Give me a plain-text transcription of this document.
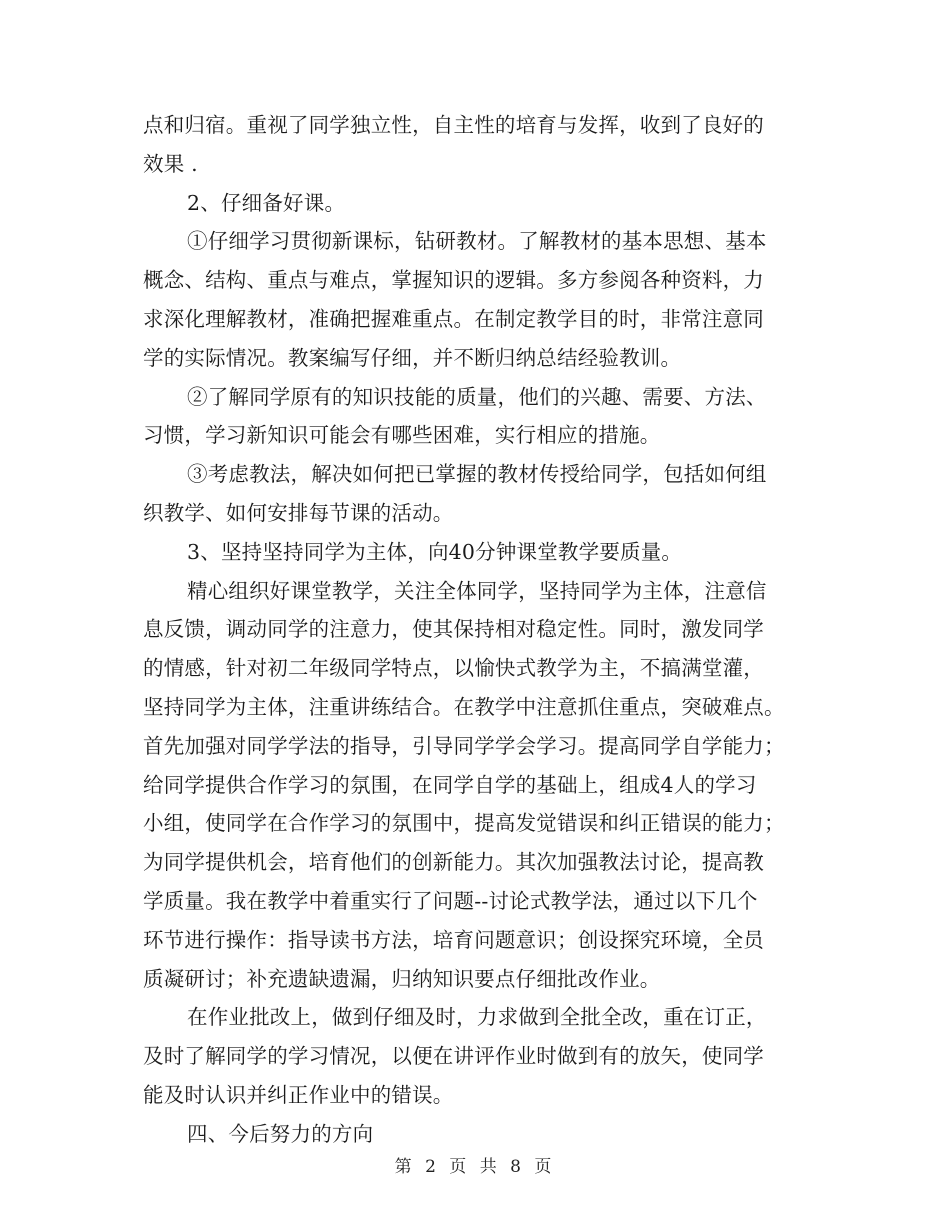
点和归宿。重视了同学独立性，自主性的培育与发挥，收到了良好的
效果 .
2、仔细备好课。
①仔细学习贯彻新课标，钻研教材。了解教材的基本思想、基本
概念、结构、重点与难点，掌握知识的逻辑。多方参阅各种资料，力
求深化理解教材，准确把握难重点。在制定教学目的时，非常注意同
学的实际情况。教案编写仔细，并不断归纳总结经验教训。
②了解同学原有的知识技能的质量，他们的兴趣、需要、方法、
习惯，学习新知识可能会有哪些困难，实行相应的措施。
③考虑教法，解决如何把已掌握的教材传授给同学，包括如何组
织教学、如何安排每节课的活动。
3、坚持坚持同学为主体，向40分钟课堂教学要质量。
精心组织好课堂教学，关注全体同学，坚持同学为主体，注意信
息反馈，调动同学的注意力，使其保持相对稳定性。同时，激发同学
的情感，针对初二年级同学特点，以愉快式教学为主，不搞满堂灌，
坚持同学为主体，注重讲练结合。在教学中注意抓住重点，突破难点。
首先加强对同学学法的指导，引导同学学会学习。提高同学自学能力；
给同学提供合作学习的氛围，在同学自学的基础上，组成4人的学习
小组，使同学在合作学习的氛围中，提高发觉错误和纠正错误的能力；
为同学提供机会，培育他们的创新能力。其次加强教法讨论，提高教
学质量。我在教学中着重实行了问题--讨论式教学法，通过以下几个
环节进行操作：指导读书方法，培育问题意识；创设探究环境，全员
质凝研讨；补充遗缺遗漏，归纳知识要点仔细批改作业。
在作业批改上，做到仔细及时，力求做到全批全改，重在订正，
及时了解同学的学习情况，以便在讲评作业时做到有的放矢，使同学
能及时认识并纠正作业中的错误。
四、今后努力的方向
第 2 页 共 8 页
